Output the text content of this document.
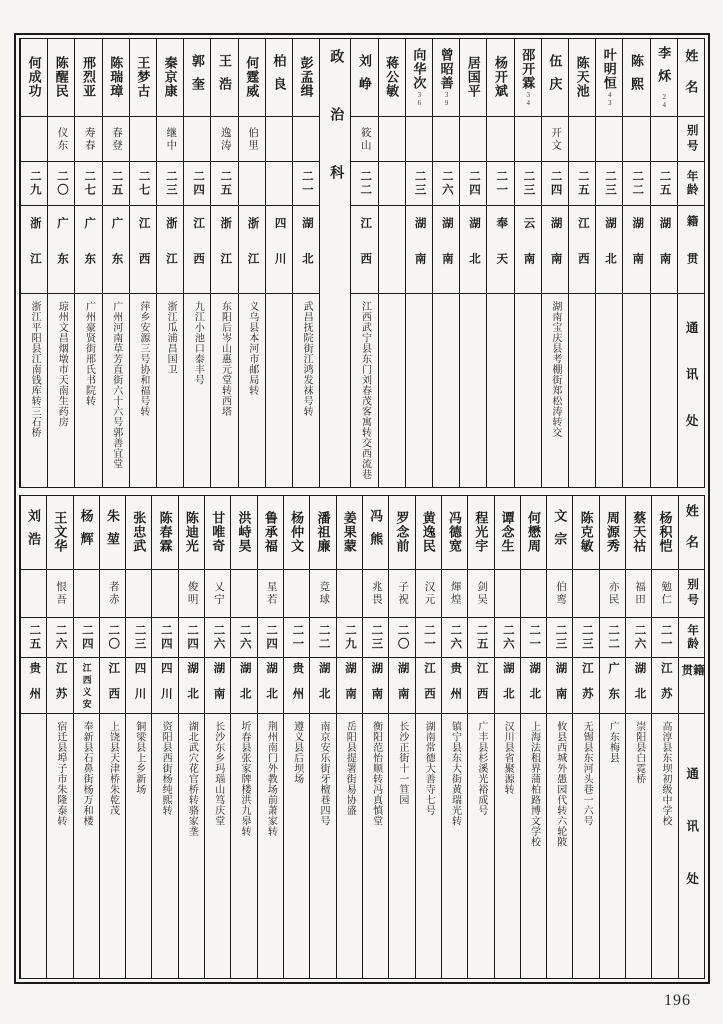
姓名
别号
年龄
籍贯
通讯处
李秌
24
二五
湖南
陈熙
二二
湖南
叶明恒
43
二三
湖北
陈天池
二五
江西
伍庆
开文
二四
湖南
湖南宝庆县考棚街郑松涛转交
邵开霖
34
二三
云南
杨开斌
二一
奉天
居国平
二四
湖北
曾昭善
39
二六
湖南
向华次
36
二三
湖南
蒋公敏
刘峥
筱山
二二
江西
江西武宁县东门刘春茂客寓转交西流巷
政治科
彭孟缉
二一
湖北
武昌抚院街江鸿发袜号转
柏良
四川
何霆威
伯里
浙江
义乌县本河市邮局转
王浩
逸涛
二五
浙江
东阳后岑山惠元堂转西塔
郭奎
二四
江西
九江小池口泰丰号
秦京康
继中
二三
浙江
浙江瓜浦昌国卫
王梦古
二七
江西
萍乡安源三号协和福号转
陈瑞璋
春登
二五
广东
广州河南草芳直街六十六号郭善宜堂
邢烈亚
寿春
二七
广东
广州豪贤街邢氏书院转
陈醒民
仪东
二〇
广东
琼州文昌烟墩市天南生药房
何成功
二九
浙江
浙江平阳县江南钱库转三石桥
姓名
别号
年龄
籍贯
通讯处
杨积恺
勉仁
二一
江苏
高淳县东坝初级中学校
蔡天祜
福田
二六
湖北
崇阳县白霓桥
周源秀
亦民
二二
广东
广东梅县
陈克敏
二三
江苏
无锡县东河头巷一六号
文宗
伯鸾
二三
湖南
攸县西城外愚园代转六轮陂
何懋周
二一
湖北
上海法租界蒲柏路博文学校
谭念生
二六
湖北
汉川县省聚源转
程光宇
剑吴
二五
江西
广丰县杉溪光裕成号
冯德宽
煇煌
二六
贵州
镇宁县东大街黄瑞光转
黄逸民
汉元
二一
江西
湖南常德大善寺七号
罗念前
子祝
二〇
湖南
长沙正街十一笪园
冯熊
兆畏
二三
湖南
衡阳范怡顺转冯真慎堂
姜果蒙
二九
湖南
岳阳县提署街易协盛
潘祖廉
竞球
二二
湖北
南京安乐街牙檀巷四号
杨仲文
二一
贵州
遵义县后坝场
鲁承福
星若
二四
湖北
荆州南门外教场前萧家转
洪峙昊
二六
湖北
圻春县张家牌楼洪九皋转
甘唯奇
乂宁
二六
湖南
长沙东乡玛瑙山笃庆堂
陈迪光
俊明
二四
湖北
湖北武穴花官桥转骆家垄
陈春霖
二四
四川
资阳县西街杨纯熙转
张忠武
二三
四川
铜梁县上乡新场
朱堃
者赤
二〇
江西
上饶县天津桥朱乾茂
杨辉
二四
江西义安
奉新县石鼻街杨万和楼
王文华
恨吾
二六
江苏
宿迁县埠子市朱隆泰转
刘浩
二五
贵州
196
